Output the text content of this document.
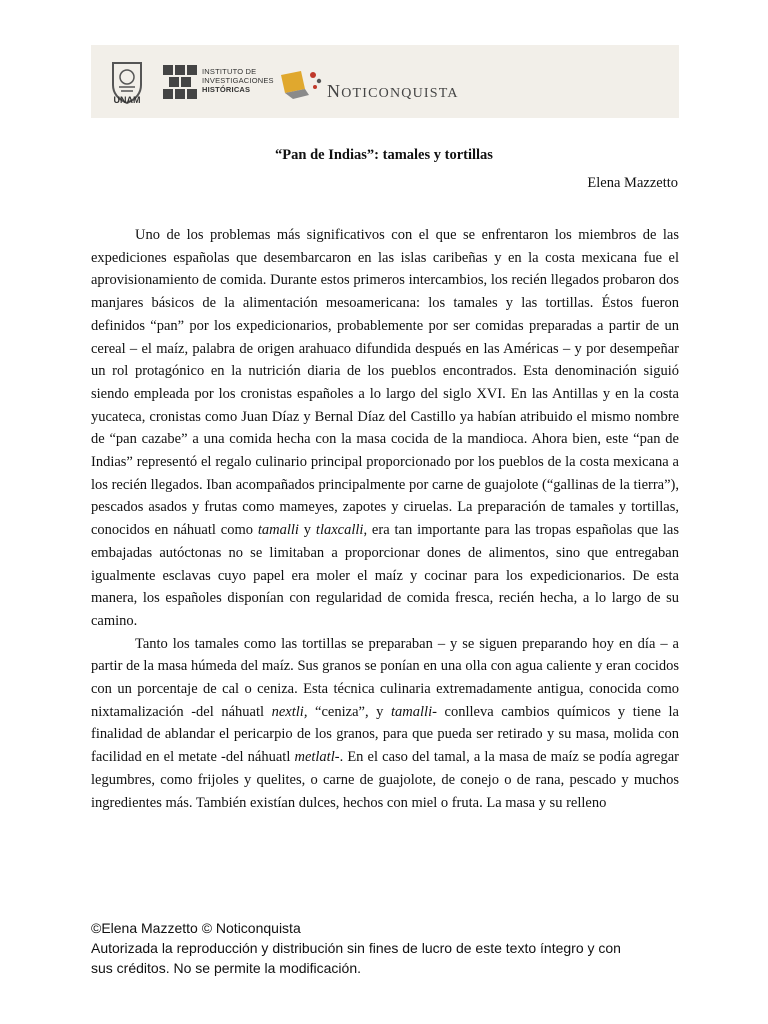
UNAM
INSTITUTO DE
INVESTIGACIONES
HISTÓRICAS	NOTICONQUISTA
“Pan de Indias”: tamales y tortillas
Elena Mazzetto

Uno de los problemas más significativos con el que se enfrentaron los miembros de las expediciones españolas que desembarcaron en las islas caribeñas y en la costa mexicana fue el aprovisionamiento de comida. Durante estos primeros intercambios, los recién llegados probaron dos manjares básicos de la alimentación mesoamericana: los tamales y las tortillas. Éstos fueron definidos “pan” por los expedicionarios, probablemente por ser comidas preparadas a partir de un cereal – el maíz, palabra de origen arahuaco difundida después en las Américas – y por desempeñar un rol protagónico en la nutrición diaria de los pueblos encontrados. Esta denominación siguió siendo empleada por los cronistas españoles a lo largo del siglo XVI. En las Antillas y en la costa yucateca, cronistas como Juan Díaz y Bernal Díaz del Castillo ya habían atribuido el mismo nombre de “pan cazabe” a una comida hecha con la masa cocida de la mandioca. Ahora bien, este “pan de Indias” representó el regalo culinario principal proporcionado por los pueblos de la costa mexicana a los recién llegados. Iban acompañados principalmente por carne de guajolote (“gallinas de la tierra”), pescados asados y frutas como mameyes, zapotes y ciruelas. La preparación de tamales y tortillas, conocidos en náhuatl como tamalli y tlaxcalli, era tan importante para las tropas españolas que las embajadas autóctonas no se limitaban a proporcionar dones de alimentos, sino que entregaban igualmente esclavas cuyo papel era moler el maíz y cocinar para los expedicionarios. De esta manera, los españoles disponían con regularidad de comida fresca, recién hecha, a lo largo de su camino.

Tanto los tamales como las tortillas se preparaban – y se siguen preparando hoy en día – a partir de la masa húmeda del maíz. Sus granos se ponían en una olla con agua caliente y eran cocidos con un porcentaje de cal o ceniza. Esta técnica culinaria extremadamente antigua, conocida como nixtamalización -del náhuatl nextli, “ceniza”, y tamalli- conlleva cambios químicos y tiene la finalidad de ablandar el pericarpio de los granos, para que pueda ser retirado y su masa, molida con facilidad en el metate -del náhuatl metlatl-. En el caso del tamal, a la masa de maíz se podía agregar legumbres, como frijoles y quelites, o carne de guajolote, de conejo o de rana, pescado y muchos ingredientes más. También existían dulces, hechos con miel o fruta. La masa y su relleno

©Elena Mazzetto © Noticonquista
Autorizada la reproducción y distribución sin fines de lucro de este texto íntegro y con
sus créditos. No se permite la modificación.
